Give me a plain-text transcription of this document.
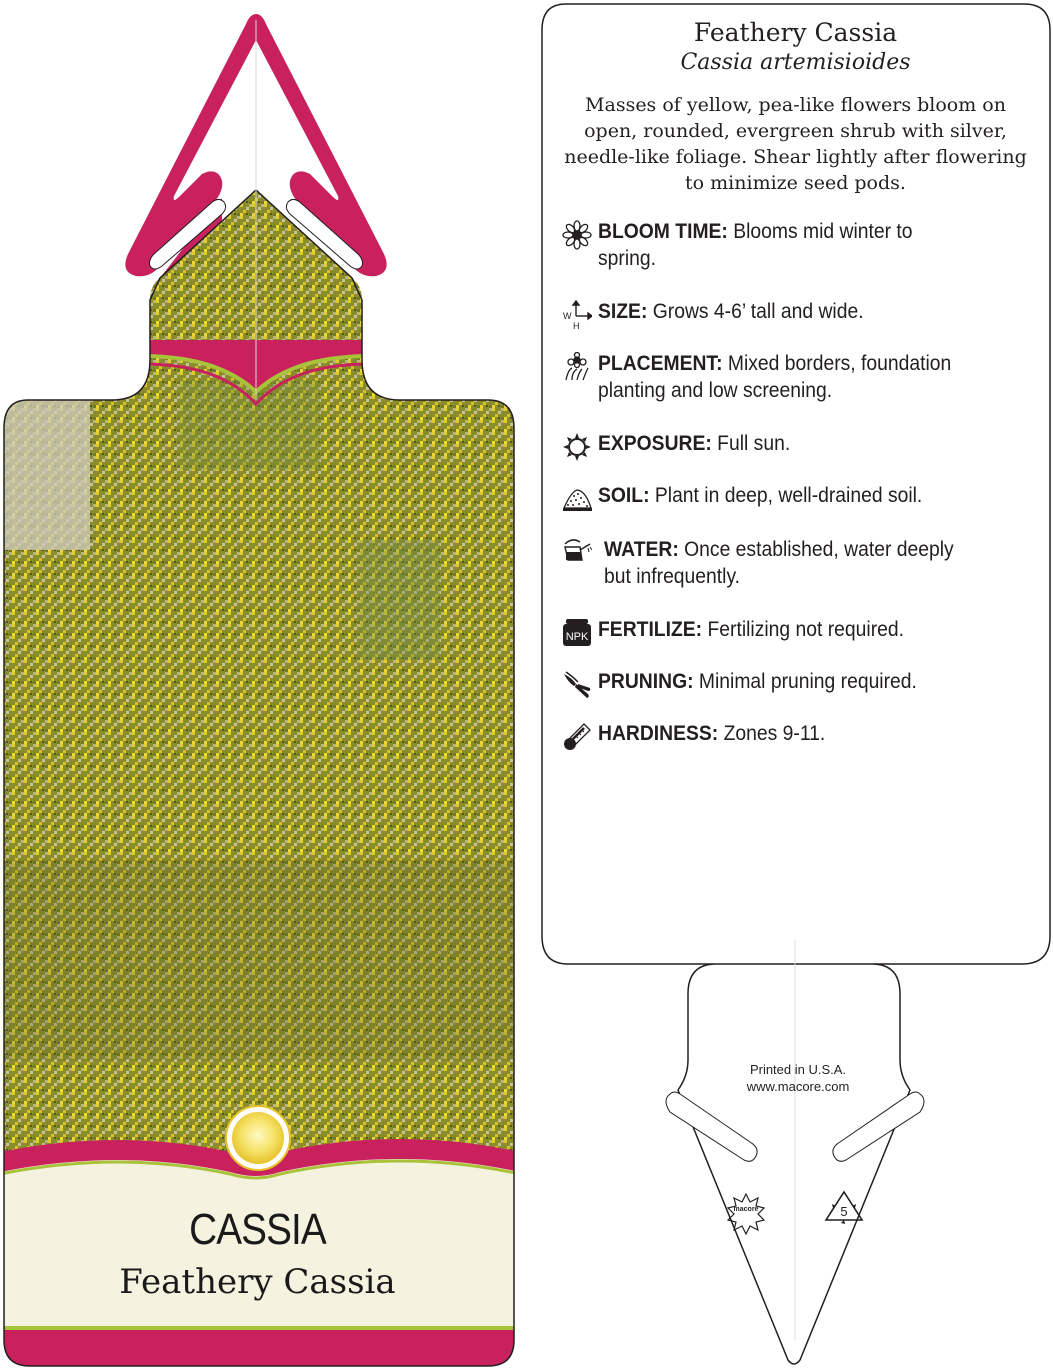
CASSIA
Feathery Cassia
Feathery Cassia
Cassia artemisioides
Masses of yellow, pea-like flowers bloom on open, rounded, evergreen shrub with silver, needle-like foliage. Shear lightly after flowering to minimize seed pods.
BLOOM TIME: Blooms mid winter to
spring.
W
H
SIZE: Grows 4-6’ tall and wide.
PLACEMENT: Mixed borders, foundation
planting and low screening.
EXPOSURE: Full sun.
SOIL: Plant in deep, well-drained soil.
WATER: Once established, water deeply
but infrequently.
NPK FERTILIZE: Fertilizing not required.
PRUNING: Minimal pruning required.
HARDINESS: Zones 9-11.
Printed in U.S.A.
www.macore.com
macore	5
